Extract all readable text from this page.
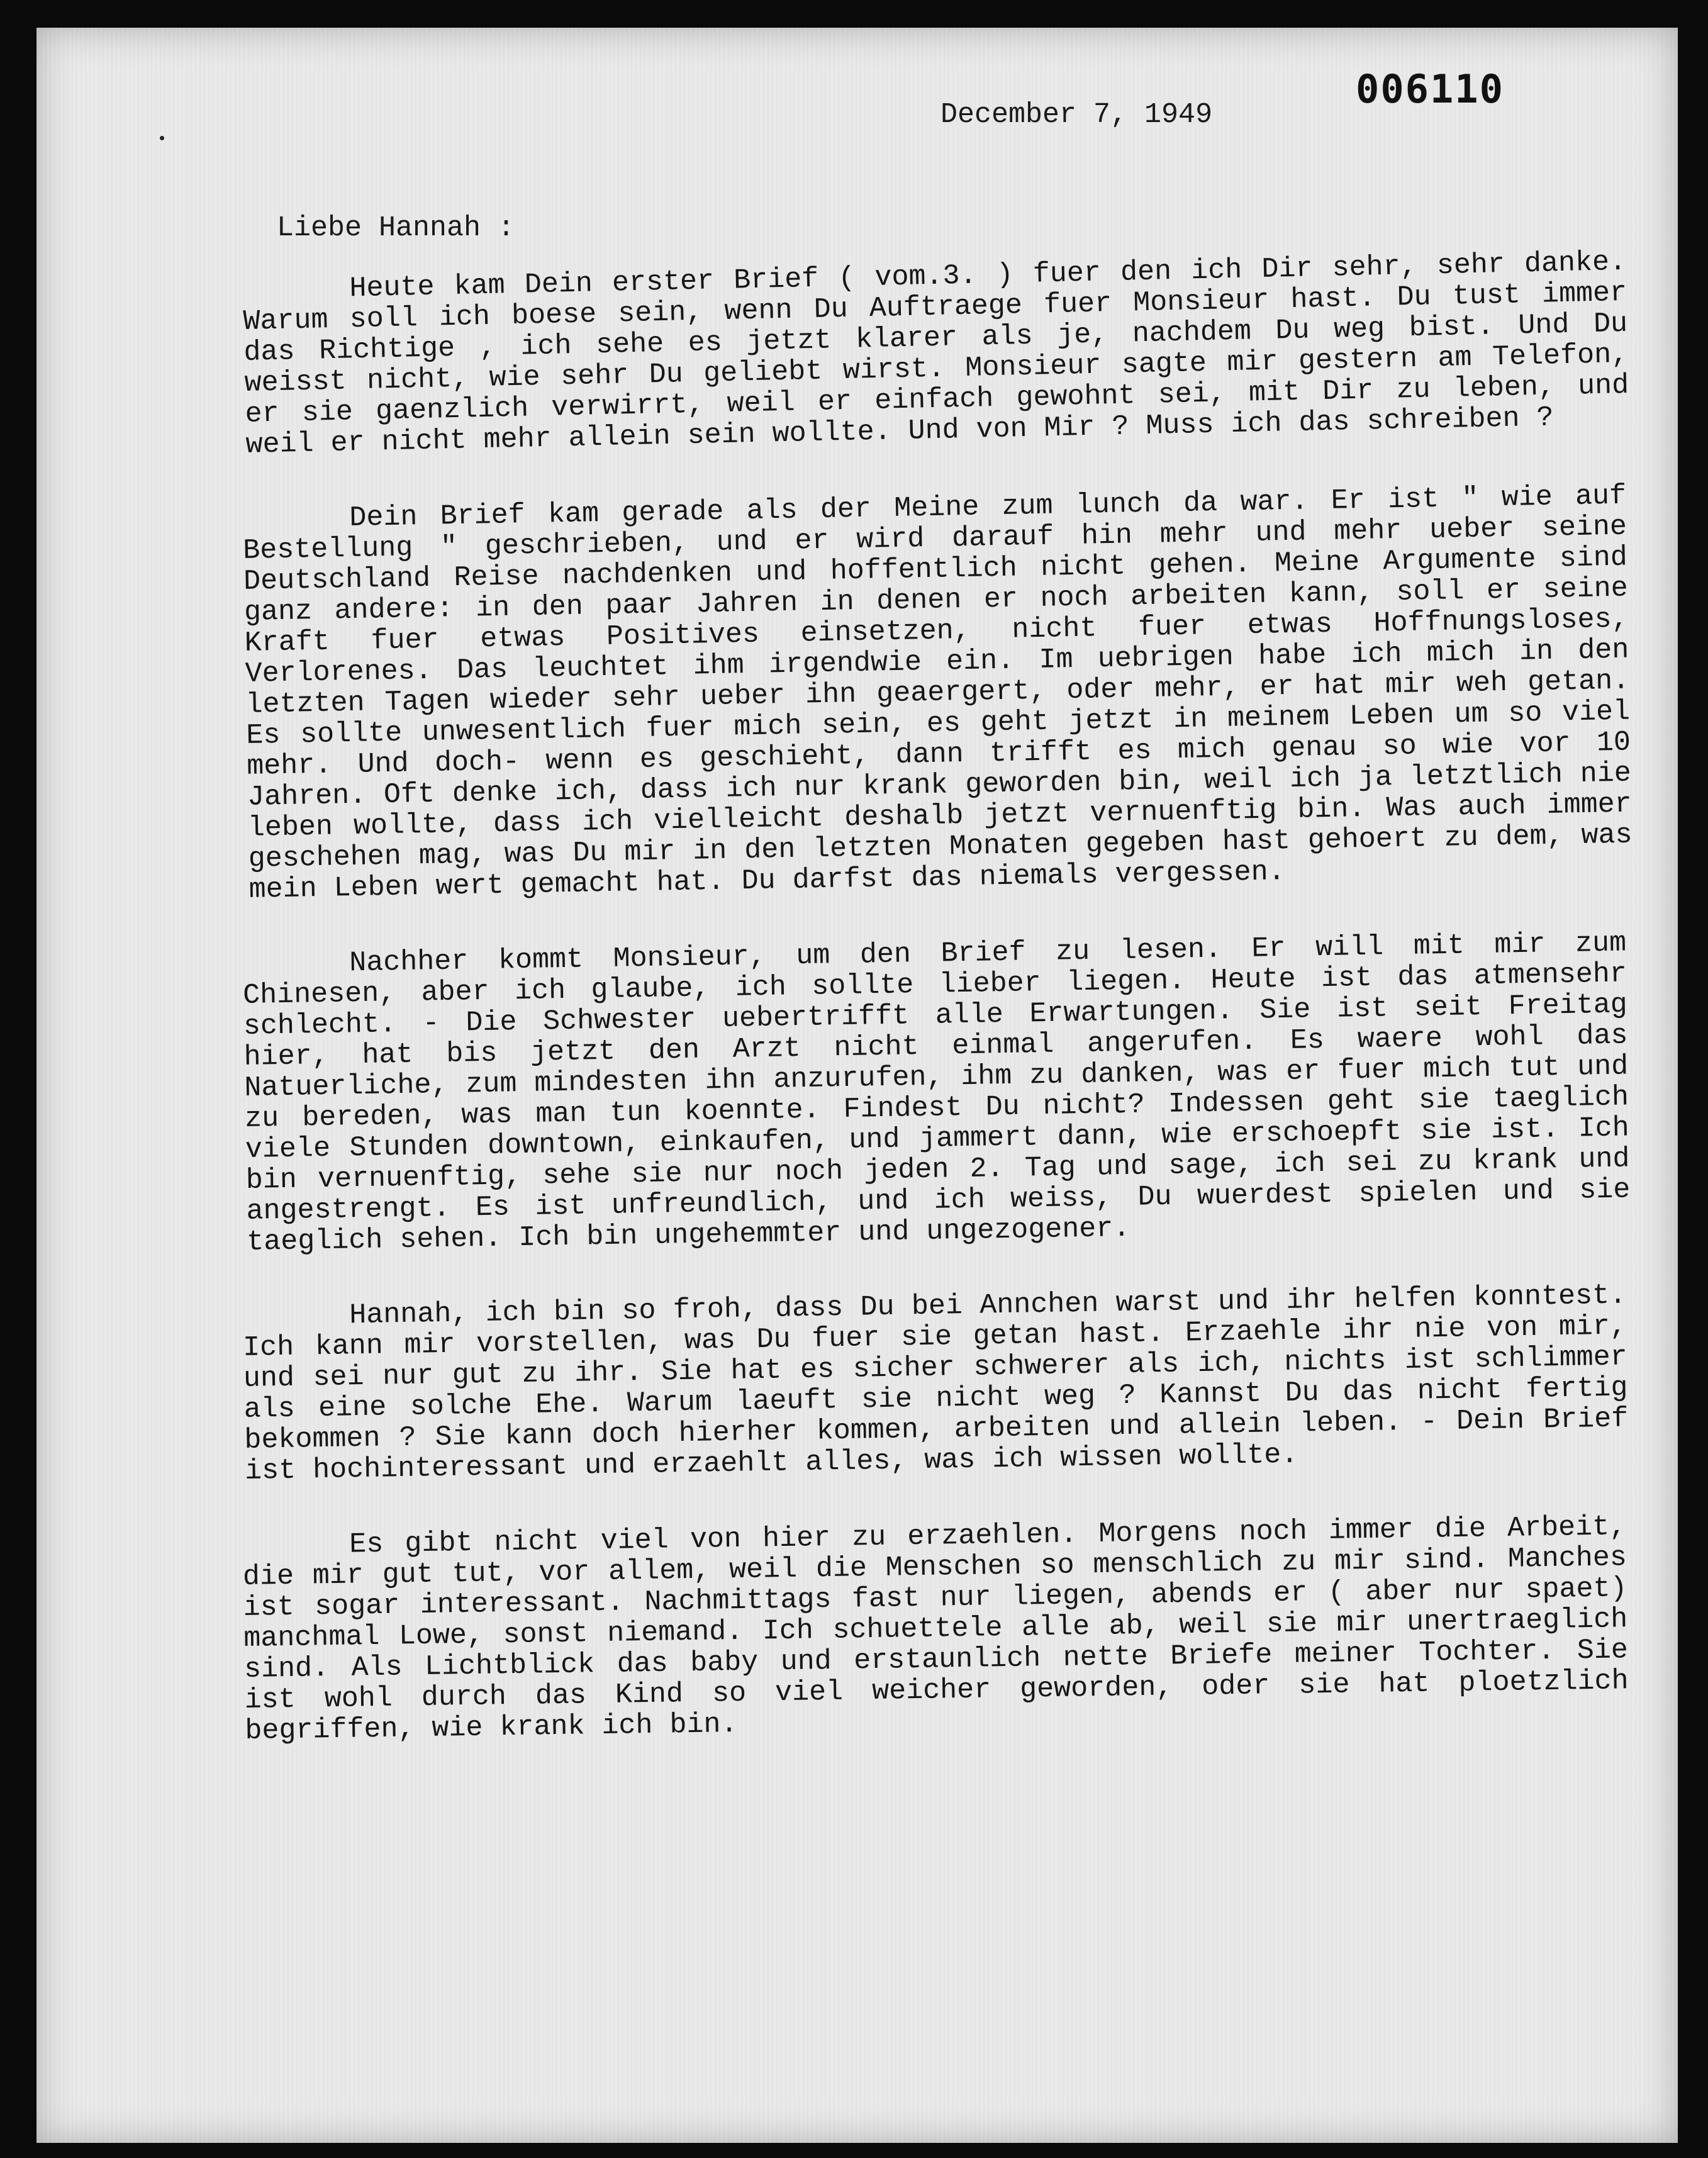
006110
December 7, 1949
Liebe Hannah :

Heute kam Dein erster Brief ( vom.3. ) fuer den ich Dir sehr, sehr danke. Warum soll ich boese sein, wenn Du Auftraege fuer Monsieur hast. Du tust immer das Richtige , ich sehe es jetzt klarer als je, nachdem Du weg bist. Und Du weisst nicht, wie sehr Du geliebt wirst. Monsieur sagte mir gestern am Telefon, er sie gaenzlich verwirrt, weil er einfach gewohnt sei, mit Dir zu leben, und weil er nicht mehr allein sein wollte. Und von Mir ? Muss ich das schreiben ?

Dein Brief kam gerade als der Meine zum lunch da war. Er ist " wie auf Bestellung " geschrieben, und er wird darauf hin mehr und mehr ueber seine Deutschland Reise nachdenken und hoffentlich nicht gehen. Meine Argumente sind ganz andere: in den paar Jahren in denen er noch arbeiten kann, soll er seine Kraft fuer etwas Positives einsetzen, nicht fuer etwas Hoffnungsloses, Verlorenes. Das leuchtet ihm irgendwie ein. Im uebrigen habe ich mich in den letzten Tagen wieder sehr ueber ihn geaergert, oder mehr, er hat mir weh getan. Es sollte unwesentlich fuer mich sein, es geht jetzt in meinem Leben um so viel mehr. Und doch- wenn es geschieht, dann trifft es mich genau so wie vor 10 Jahren. Oft denke ich, dass ich nur krank geworden bin, weil ich ja letztlich nie leben wollte, dass ich vielleicht deshalb jetzt vernuenftig bin. Was auch immer geschehen mag, was Du mir in den letzten Monaten gegeben hast gehoert zu dem, was mein Leben wert gemacht hat. Du darfst das niemals vergessen.

Nachher kommt Monsieur, um den Brief zu lesen. Er will mit mir zum Chinesen, aber ich glaube, ich sollte lieber liegen. Heute ist das atmensehr schlecht. - Die Schwester uebertrifft alle Erwartungen. Sie ist seit Freitag hier, hat bis jetzt den Arzt nicht einmal angerufen. Es waere wohl das Natuerliche, zum mindesten ihn anzurufen, ihm zu danken, was er fuer mich tut und zu bereden, was man tun koennte. Findest Du nicht? Indessen geht sie taeglich viele Stunden downtown, einkaufen, und jammert dann, wie erschoepft sie ist. Ich bin vernuenftig, sehe sie nur noch jeden 2. Tag und sage, ich sei zu krank und angestrengt. Es ist unfreundlich, und ich weiss, Du wuerdest spielen und sie taeglich sehen. Ich bin ungehemmter und ungezogener.

Hannah, ich bin so froh, dass Du bei Annchen warst und ihr helfen konntest. Ich kann mir vorstellen, was Du fuer sie getan hast. Erzaehle ihr nie von mir, und sei nur gut zu ihr. Sie hat es sicher schwerer als ich, nichts ist schlimmer als eine solche Ehe. Warum laeuft sie nicht weg ? Kannst Du das nicht fertig bekommen ? Sie kann doch hierher kommen, arbeiten und allein leben. - Dein Brief ist hochinteressant und erzaehlt alles, was ich wissen wollte.

Es gibt nicht viel von hier zu erzaehlen. Morgens noch immer die Arbeit, die mir gut tut, vor allem, weil die Menschen so menschlich zu mir sind. Manches ist sogar interessant. Nachmittags fast nur liegen, abends er ( aber nur spaet) manchmal Lowe, sonst niemand. Ich schuettele alle ab, weil sie mir unertraeglich sind. Als Lichtblick das baby und erstaunlich nette Briefe meiner Tochter. Sie ist wohl durch das Kind so viel weicher geworden, oder sie hat ploetzlich begriffen, wie krank ich bin.
